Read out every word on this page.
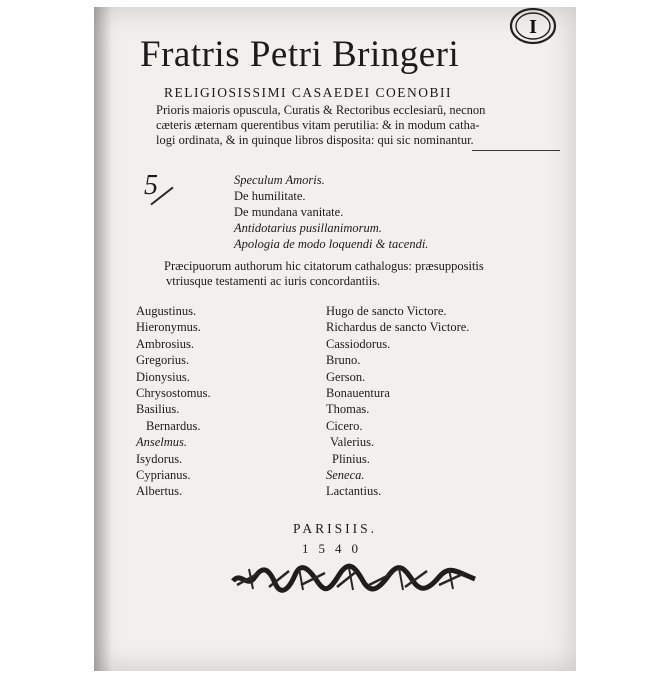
Fratris Petri Bringeri
RELIGIOSISSIMI CASAEDEI COENOBII
Prioris maioris opuscula, Curatis & Rectoribus ecclesiarû, necnon
cæteris æternam querentibus vitam perutilia: & in modum catha-
logi ordinata, & in quinque libros disposita: qui sic nominantur.
5	Speculum Amoris.
De humilitate.
De mundana vanitate.
Antidotarius pusillanimorum.
Apologia de modo loquendi & tacendi.
Præcipuorum authorum hic citatorum cathalogus: præsuppositis
vtriusque testamenti ac iuris concordantiis.
Augustinus.
Hieronymus.
Ambrosius.
Gregorius.
Dionysius.
Chrysostomus.
Basilius.
Bernardus.
Anselmus.
Isydorus.
Cyprianus.
Albertus.
Hugo de sancto Victore.
Richardus de sancto Victore.
Cassiodorus.
Bruno.
Gerson.
Bonauentura
Thomas.
Cicero.
Valerius.
Plinius.
Seneca.
Lactantius.
PARISIIS.
1540
I
